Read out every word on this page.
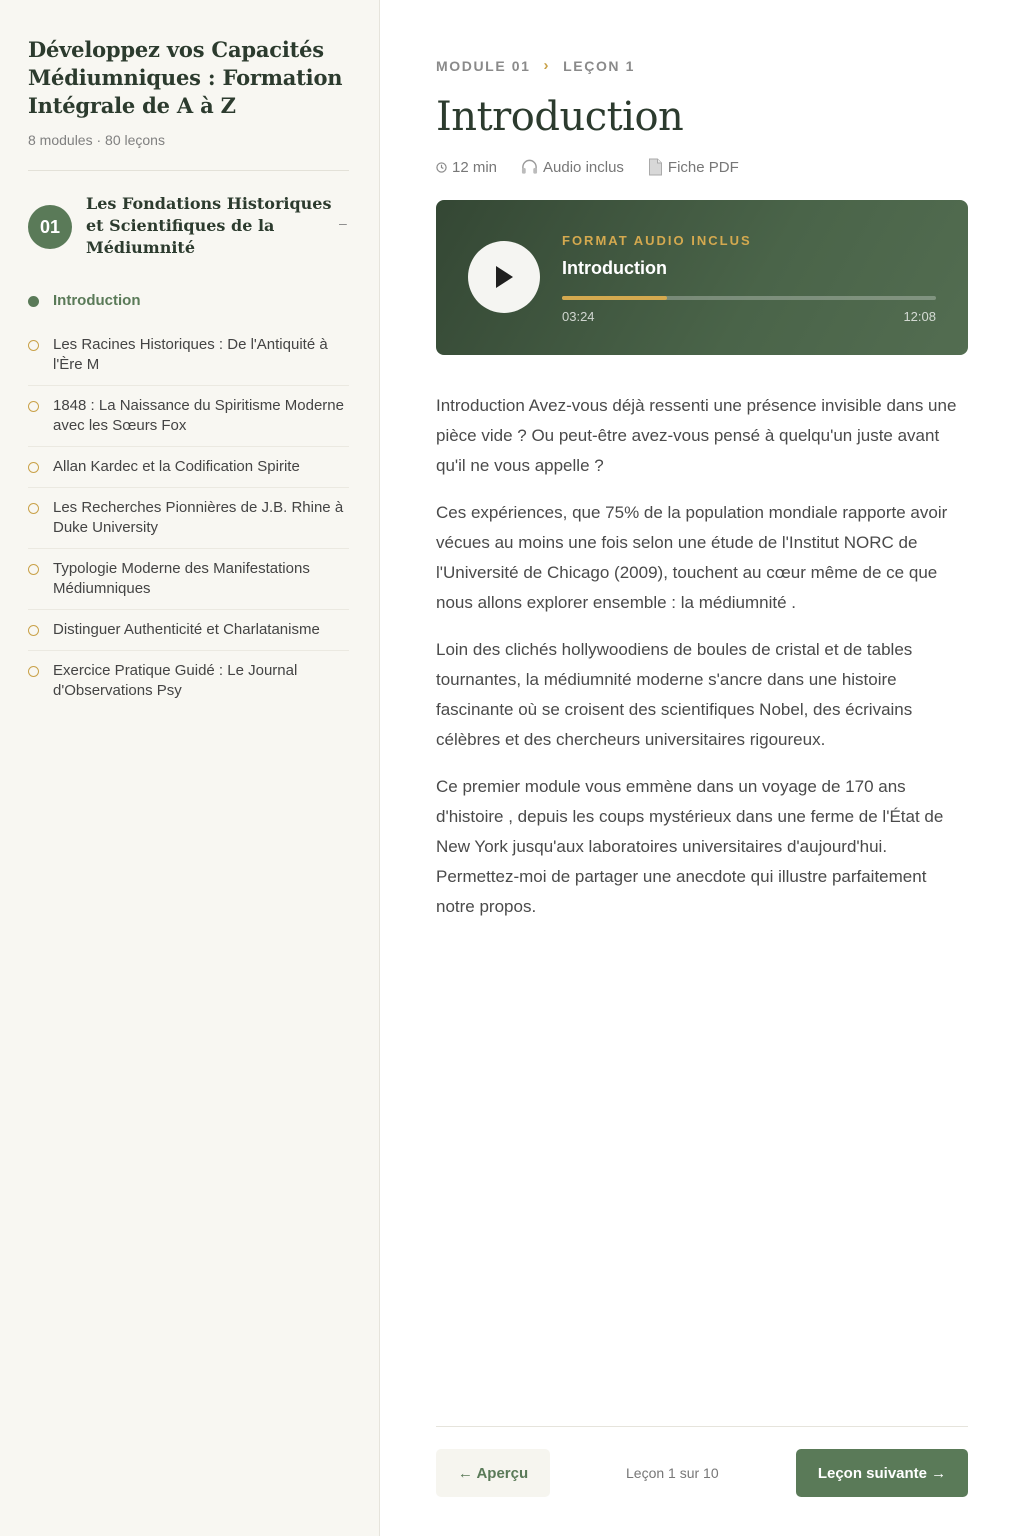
Développez vos Capacités Médiumniques : Formation Intégrale de A à Z
8 modules · 80 leçons
01
Les Fondations Historiques et Scientifiques de la Médiumnité
–
Introduction
Les Racines Historiques : De l'Antiquité à l'Ère M
1848 : La Naissance du Spiritisme Moderne avec les Sœurs Fox
Allan Kardec et la Codification Spirite
Les Recherches Pionnières de J.B. Rhine à Duke University
Typologie Moderne des Manifestations Médiumniques
Distinguer Authenticité et Charlatanisme
Exercice Pratique Guidé : Le Journal d'Observations Psy
MODULE 01 › LEÇON 1
Introduction
12 min	Audio inclus	Fiche PDF
FORMAT AUDIO INCLUS
Introduction
03:24	12:08

Introduction Avez-vous déjà ressenti une présence invisible dans une pièce vide ? Ou peut-être avez-vous pensé à quelqu'un juste avant qu'il ne vous appelle ?

Ces expériences, que 75% de la population mondiale rapporte avoir vécues au moins une fois selon une étude de l'Institut NORC de l'Université de Chicago (2009), touchent au cœur même de ce que nous allons explorer ensemble : la médiumnité .

Loin des clichés hollywoodiens de boules de cristal et de tables tournantes, la médiumnité moderne s'ancre dans une histoire fascinante où se croisent des scientifiques Nobel, des écrivains célèbres et des chercheurs universitaires rigoureux.

Ce premier module vous emmène dans un voyage de 170 ans d'histoire , depuis les coups mystérieux dans une ferme de l'État de New York jusqu'aux laboratoires universitaires d'aujourd'hui. Permettez-moi de partager une anecdote qui illustre parfaitement notre propos.

← Aperçu	Leçon 1 sur 10	Leçon suivante →
